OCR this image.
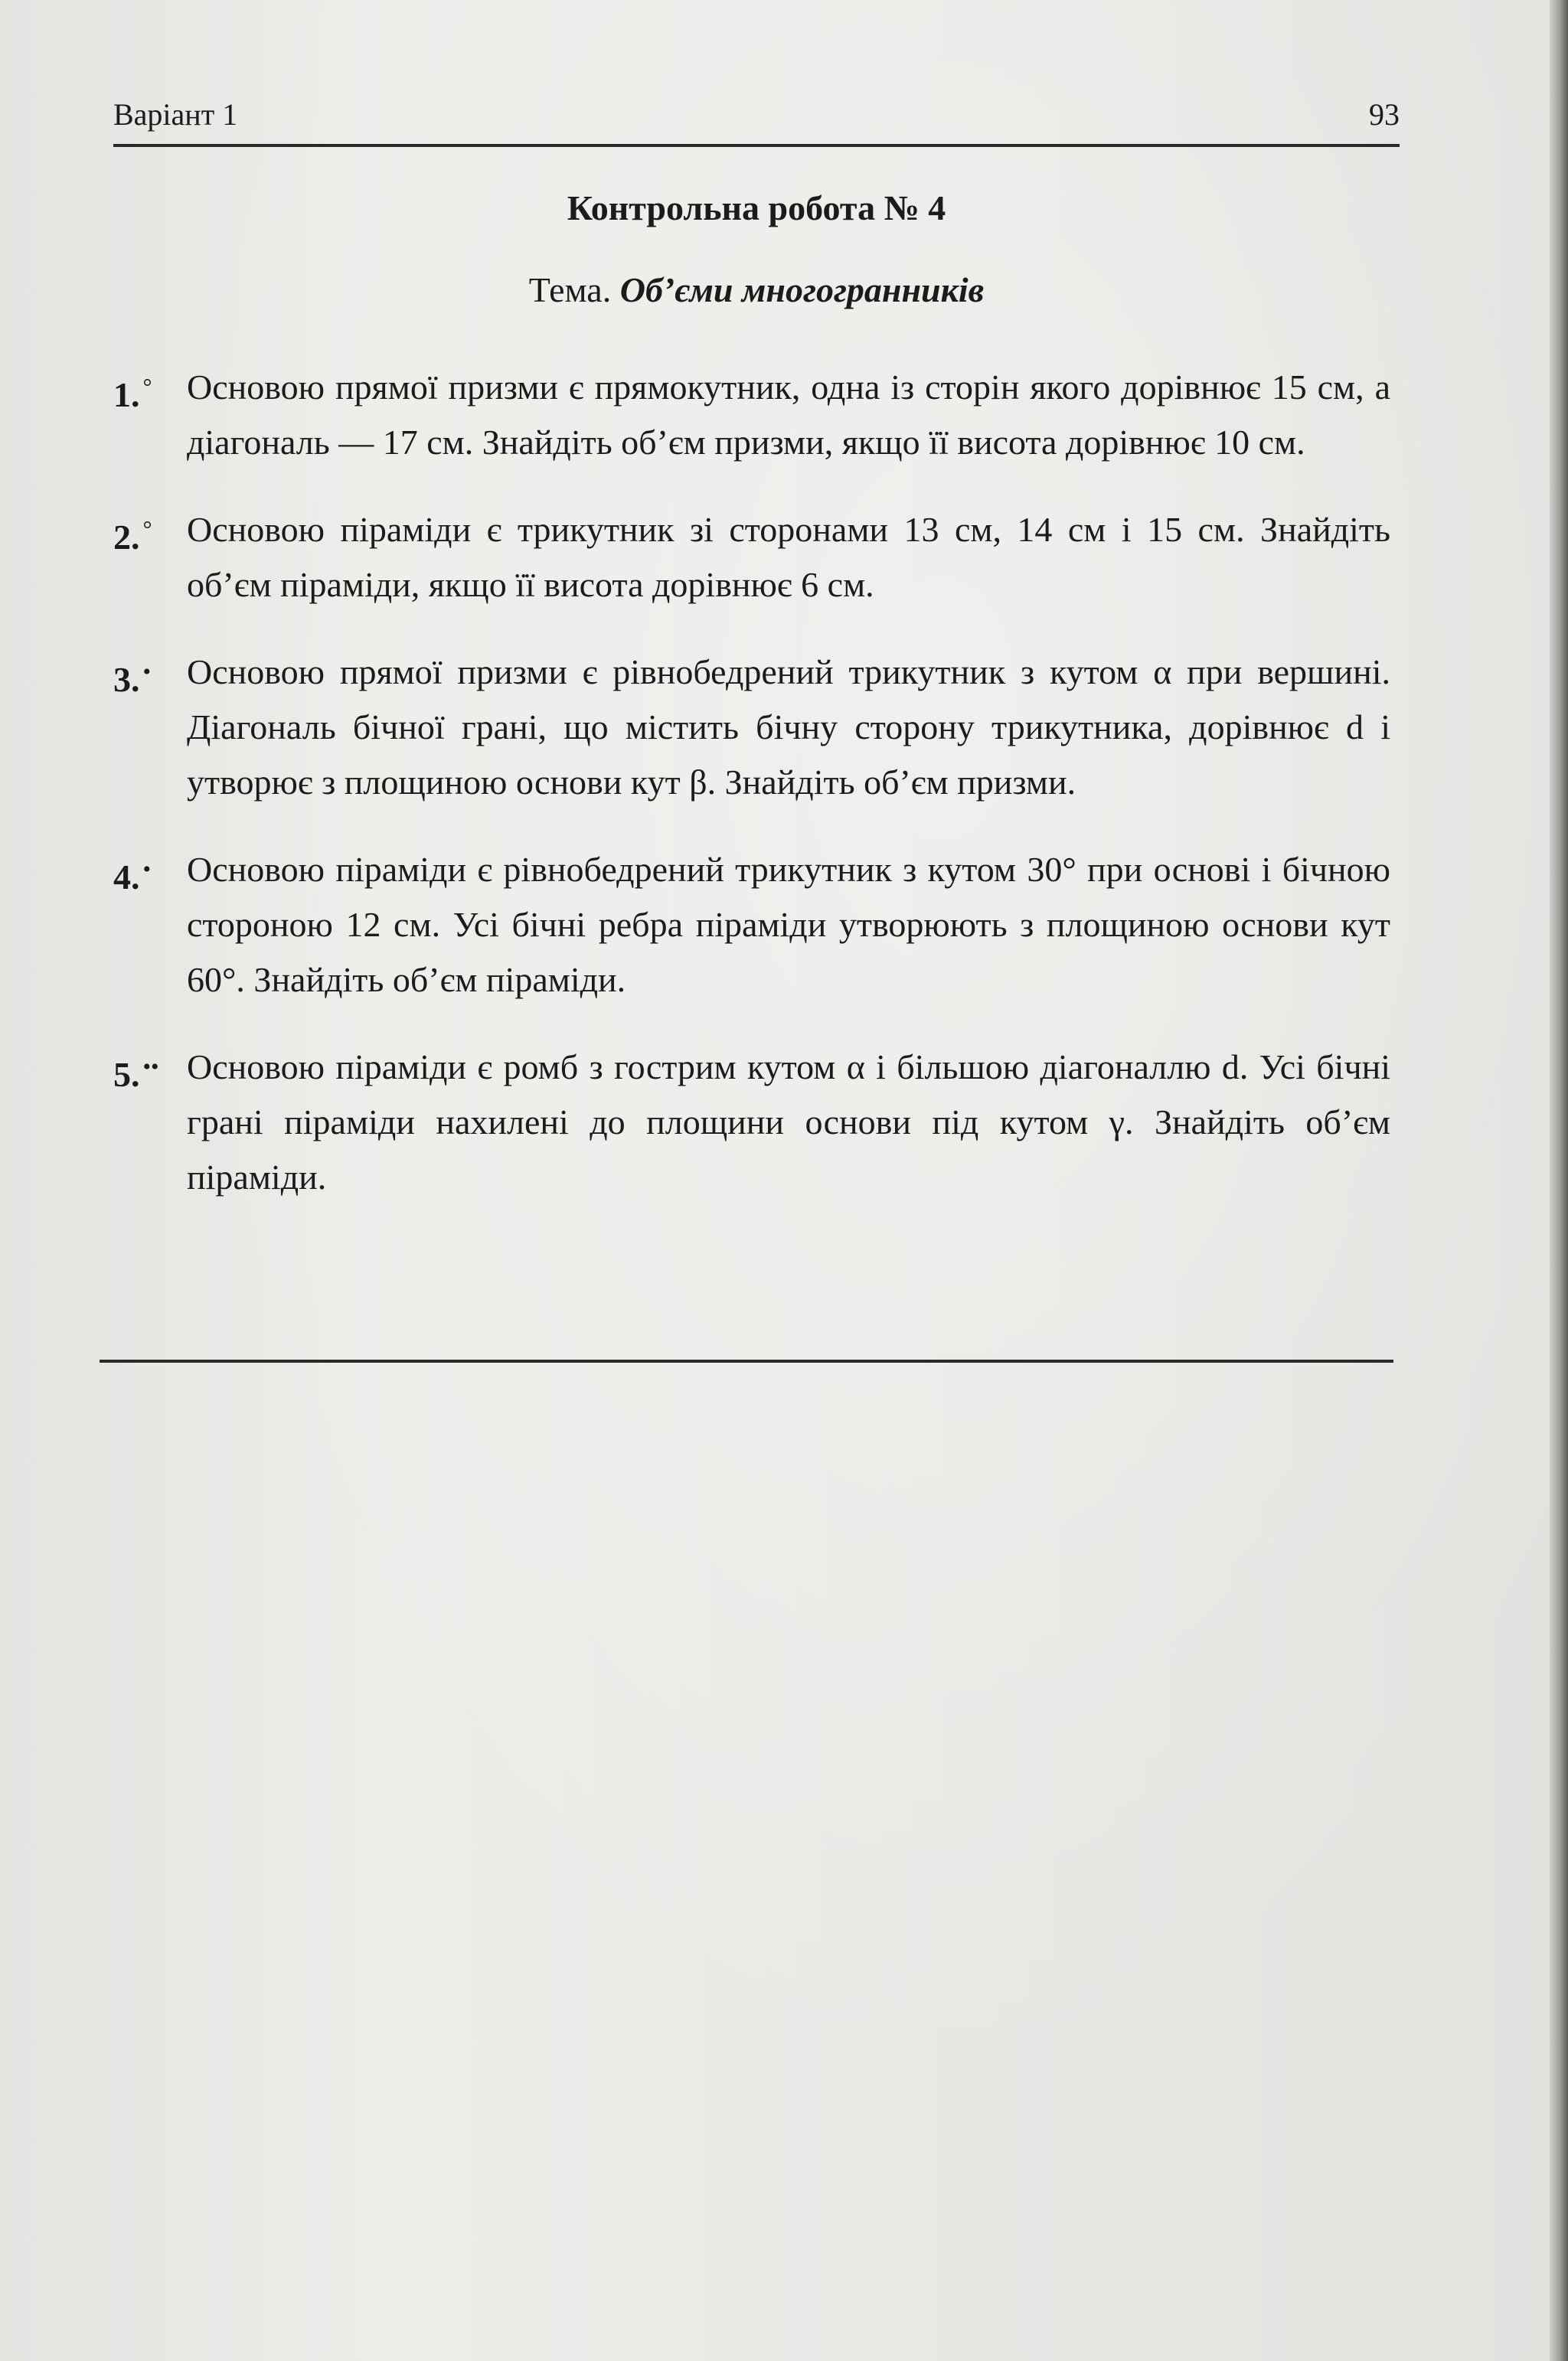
Варіант 1	93
Контрольна робота № 4
Тема. Об’єми многогранників
1. ° Основою прямої призми є прямокутник, одна із сторін якого дорівнює 15 см, а діагональ — 17 см. Знайдіть об’єм призми, якщо її висота дорівнює 10 см.
2. ° Основою піраміди є трикутник зі сторонами 13 см, 14 см і 15 см. Знайдіть об’єм піраміди, якщо її висота дорівнює 6 см.
3. • Основою прямої призми є рівнобедрений трикутник з кутом α при вершині. Діагональ бічної грані, що містить бічну сторону трикутника, дорівнює d і утворює з площиною основи кут β. Знайдіть об’єм призми.
4. • Основою піраміди є рівнобедрений трикутник з кутом 30° при основі і бічною стороною 12 см. Усі бічні ребра піраміди утворюють з площиною основи кут 60°. Знайдіть об’єм піраміди.
5. •• Основою піраміди є ромб з гострим кутом α і більшою діагоналлю d. Усі бічні грані піраміди нахилені до площини основи під кутом γ. Знайдіть об’єм піраміди.
